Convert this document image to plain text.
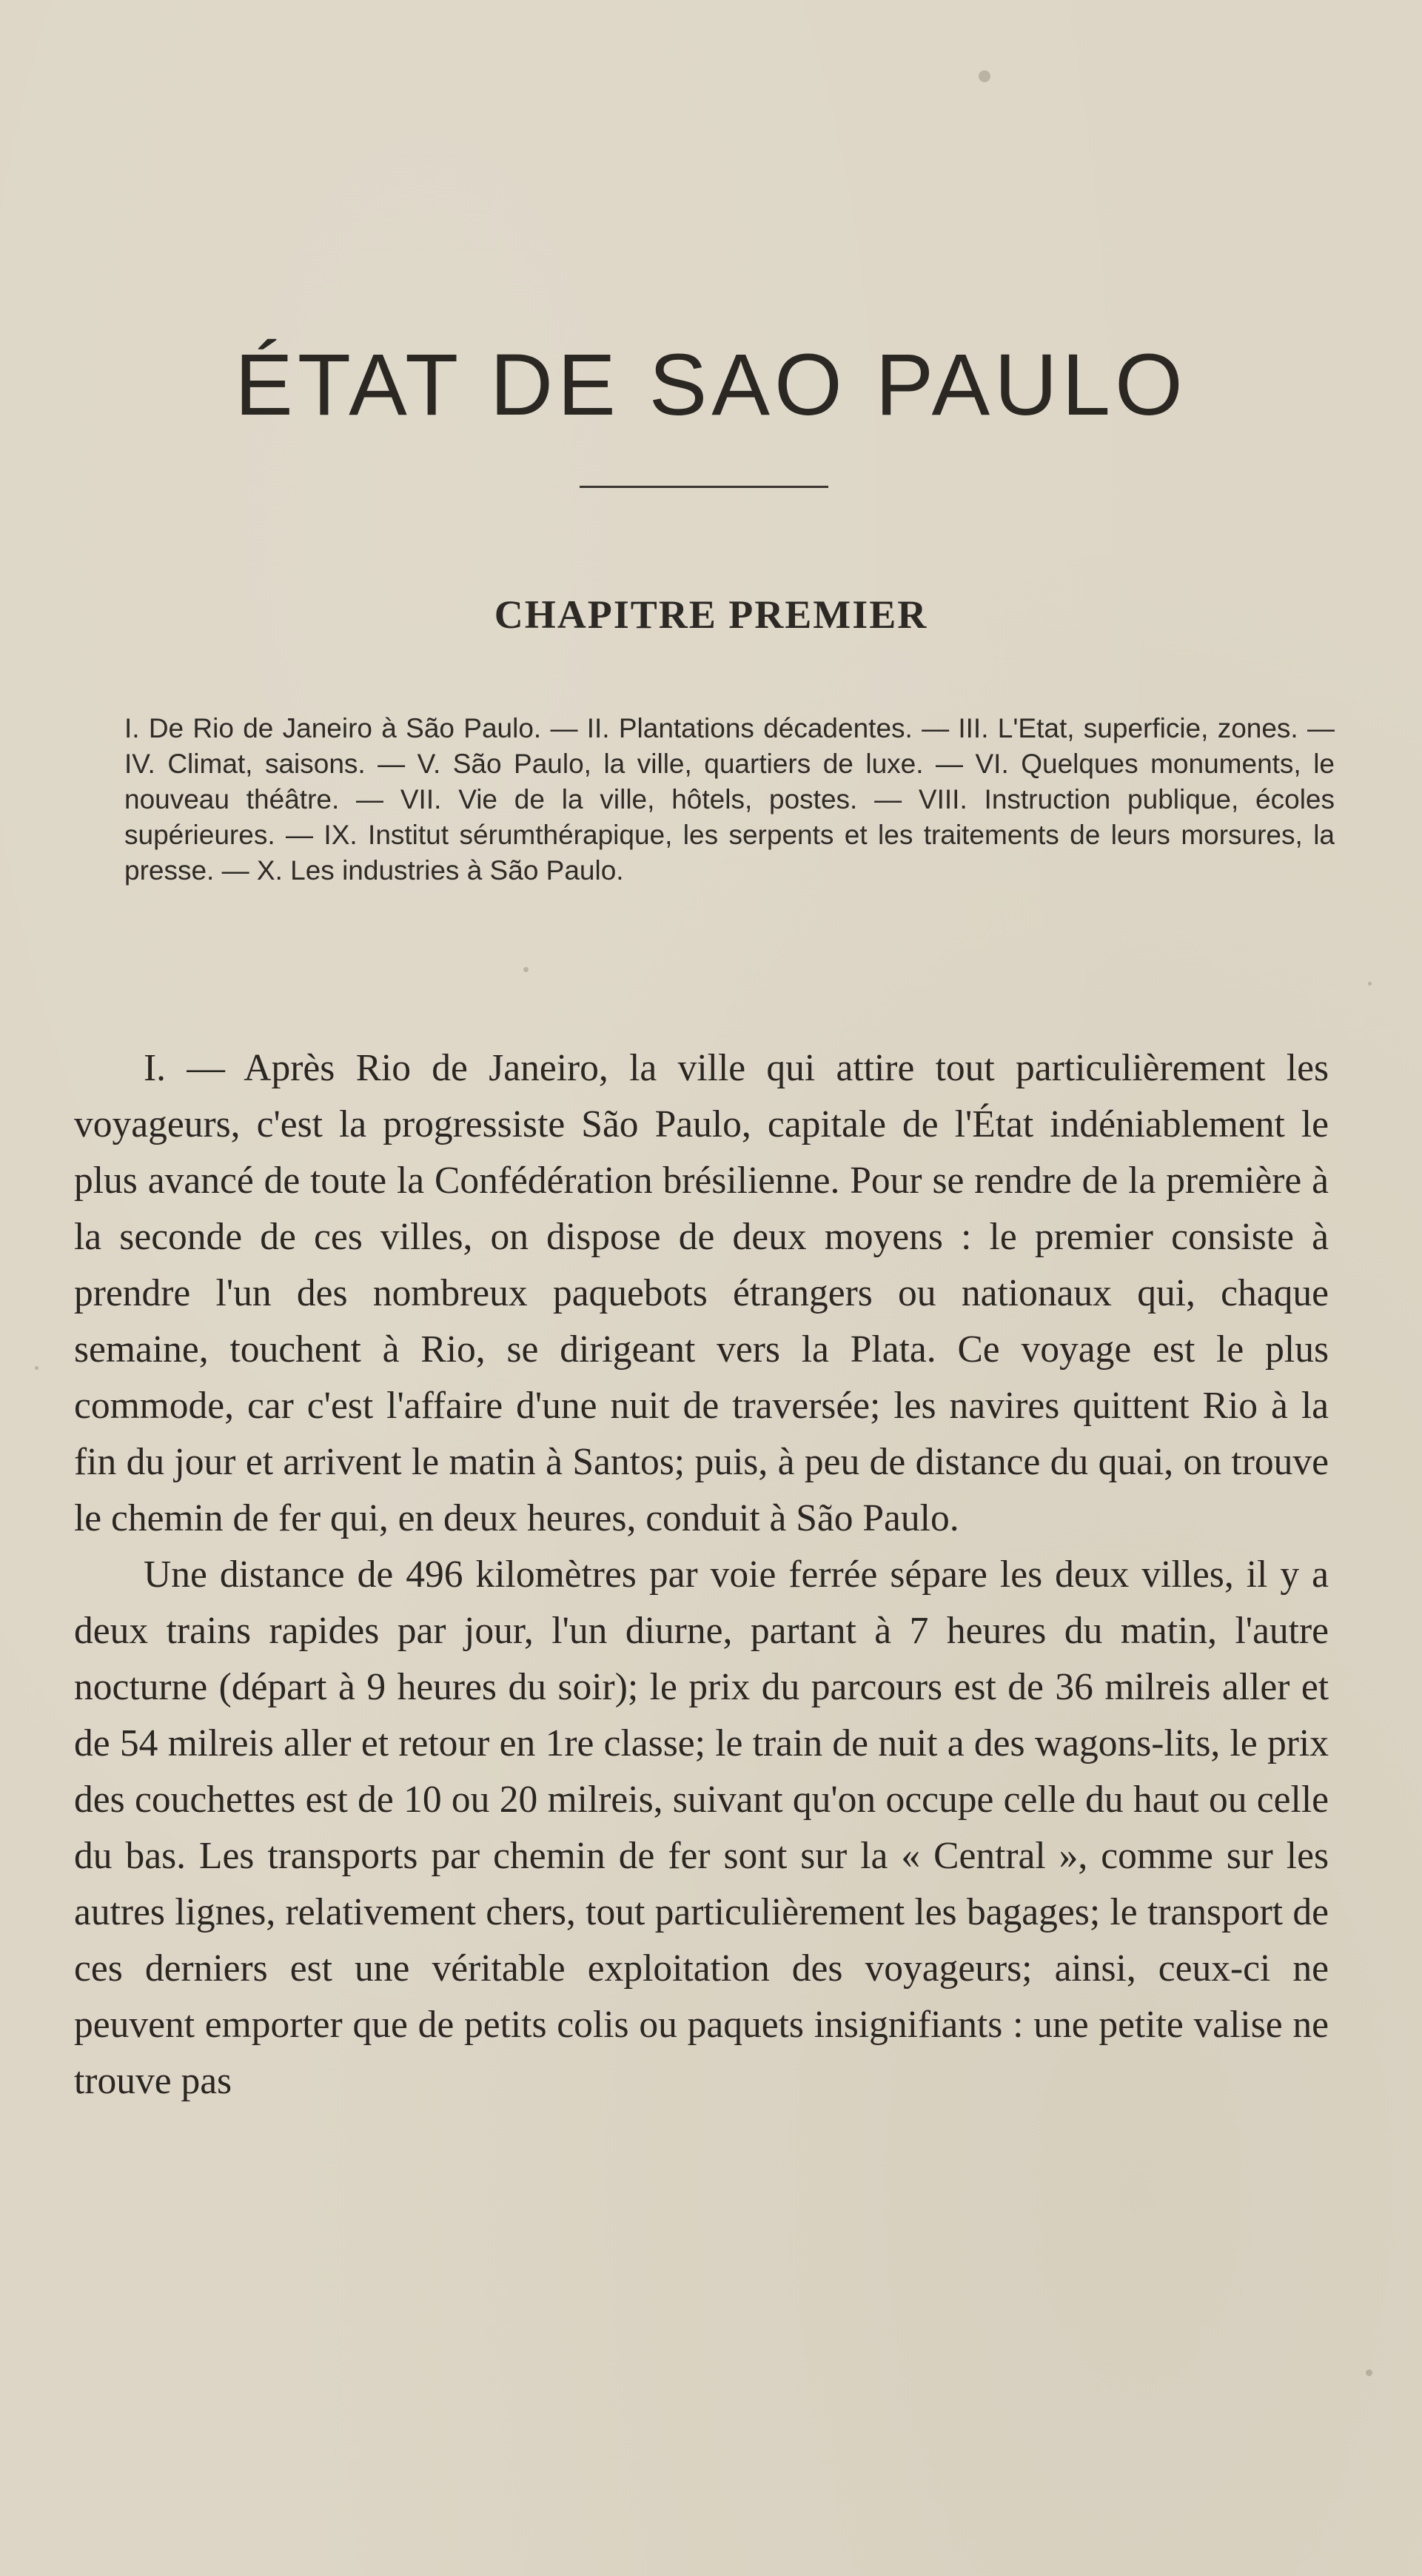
ÉTAT DE SAO PAULO
CHAPITRE PREMIER

I. De Rio de Janeiro à São Paulo. — II. Plantations décadentes. — III. L'Etat, superficie, zones. — IV. Climat, saisons. — V. São Paulo, la ville, quartiers de luxe. — VI. Quelques monuments, le nouveau théâtre. — VII. Vie de la ville, hôtels, postes. — VIII. Instruction publique, écoles supérieures. — IX. Institut sérumthérapique, les serpents et les traitements de leurs morsures, la presse. — X. Les industries à São Paulo.

I. — Après Rio de Janeiro, la ville qui attire tout particulièrement les voyageurs, c'est la progressiste São Paulo, capitale de l'État indéniablement le plus avancé de toute la Confédération brésilienne. Pour se rendre de la première à la seconde de ces villes, on dispose de deux moyens : le premier consiste à prendre l'un des nombreux paquebots étrangers ou nationaux qui, chaque semaine, touchent à Rio, se dirigeant vers la Plata. Ce voyage est le plus commode, car c'est l'affaire d'une nuit de traversée; les navires quittent Rio à la fin du jour et arrivent le matin à Santos; puis, à peu de distance du quai, on trouve le chemin de fer qui, en deux heures, conduit à São Paulo.

Une distance de 496 kilomètres par voie ferrée sépare les deux villes, il y a deux trains rapides par jour, l'un diurne, partant à 7 heures du matin, l'autre nocturne (départ à 9 heures du soir); le prix du parcours est de 36 milreis aller et de 54 milreis aller et retour en 1re classe; le train de nuit a des wagons-lits, le prix des couchettes est de 10 ou 20 milreis, suivant qu'on occupe celle du haut ou celle du bas. Les transports par chemin de fer sont sur la « Central », comme sur les autres lignes, relativement chers, tout particulièrement les bagages; le transport de ces derniers est une véritable exploitation des voyageurs; ainsi, ceux-ci ne peuvent emporter que de petits colis ou paquets insignifiants : une petite valise ne trouve pas
